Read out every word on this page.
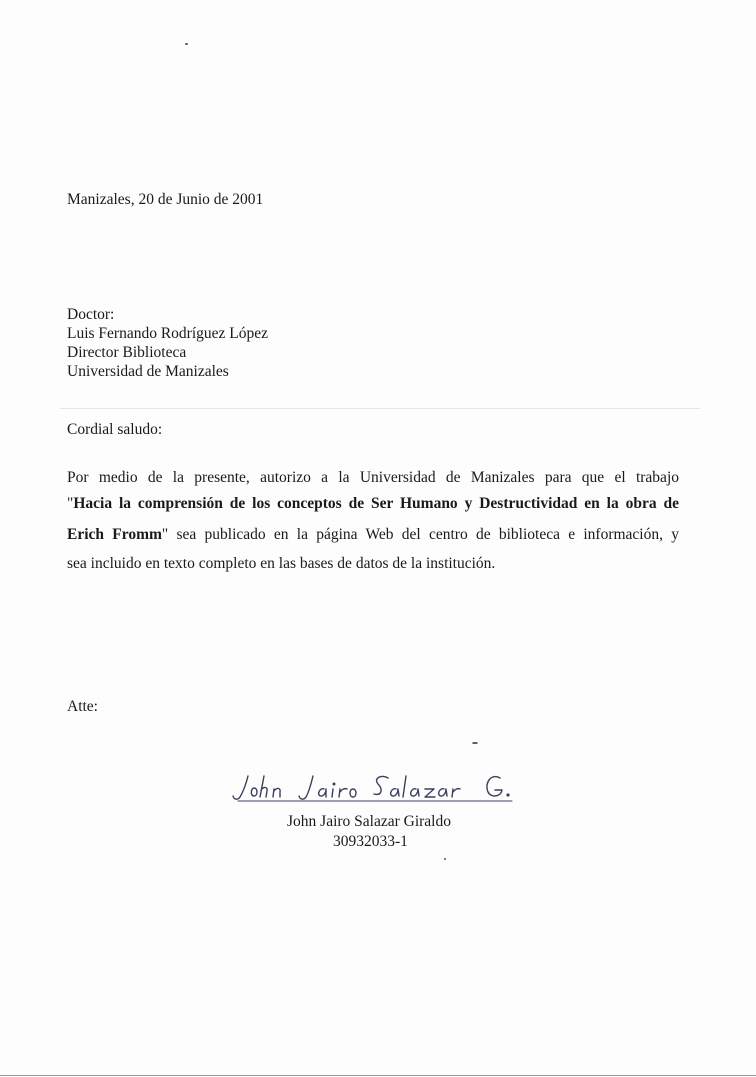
Manizales, 20 de Junio de 2001
Doctor:
Luis Fernando Rodríguez López
Director Biblioteca
Universidad de Manizales
Cordial saludo:
Por medio de la presente, autorizo a la Universidad de Manizales para que el trabajo
"Hacia la comprensión de los conceptos de Ser Humano y Destructividad en la obra de
Erich Fromm" sea publicado en la página Web del centro de biblioteca e información, y
sea incluido en texto completo en las bases de datos de la institución.
Atte:
John Jairo Salazar Giraldo
30932033-1
